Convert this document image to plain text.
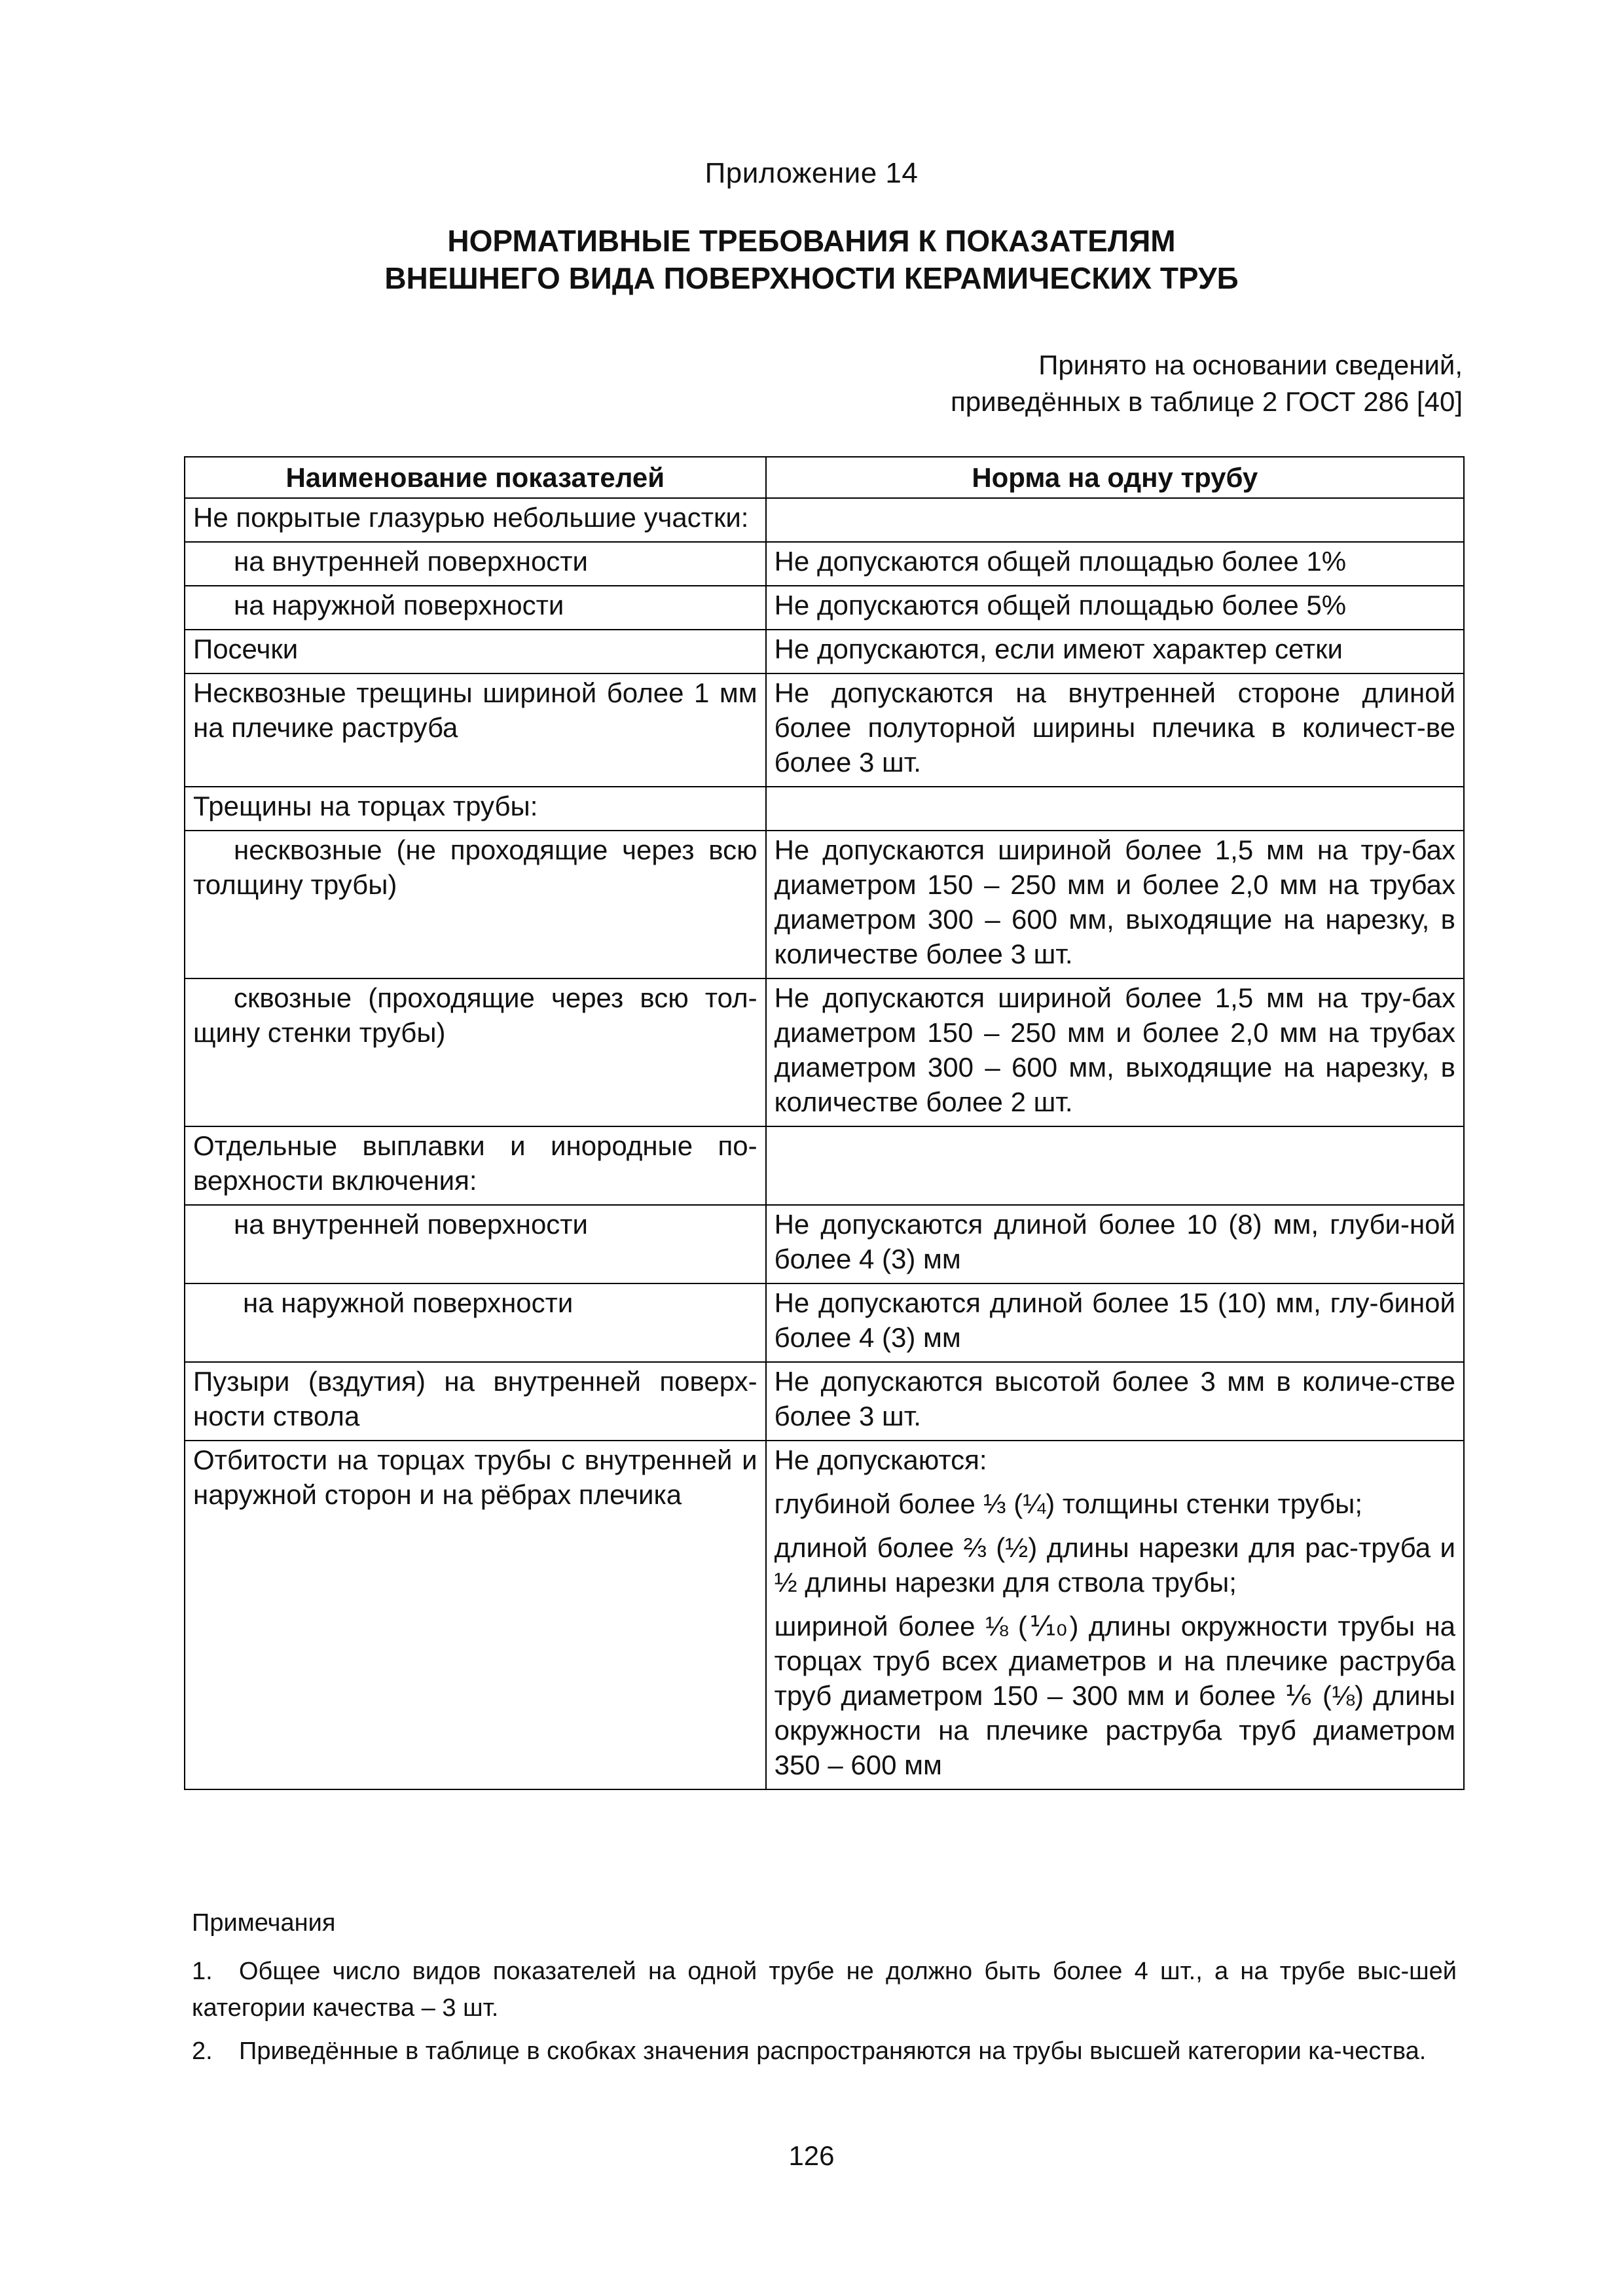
Приложение 14
НОРМАТИВНЫЕ ТРЕБОВАНИЯ К ПОКАЗАТЕЛЯМ
ВНЕШНЕГО ВИДА ПОВЕРХНОСТИ КЕРАМИЧЕСКИХ ТРУБ
Принято на основании сведений,
приведённых в таблице 2 ГОСТ 286 [40]
Наименование показателей	Норма на одну трубу
Не покрытые глазурью небольшие участки:	
на внутренней поверхности	Не допускаются общей площадью более 1%
на наружной поверхности	Не допускаются общей площадью более 5%
Посечки	Не допускаются, если имеют характер сетки
Несквозные трещины шириной более 1 мм на плечике раструба	Не допускаются на внутренней стороне длиной более полуторной ширины плечика в количест-ве более 3 шт.
Трещины на торцах трубы:	
несквозные (не проходящие через всю толщину трубы)	Не допускаются шириной более 1,5 мм на тру-бах диаметром 150 – 250 мм и более 2,0 мм на трубах диаметром 300 – 600 мм, выходящие на нарезку, в количестве более 3 шт.
сквозные (проходящие через всю тол-щину стенки трубы)	Не допускаются шириной более 1,5 мм на тру-бах диаметром 150 – 250 мм и более 2,0 мм на трубах диаметром 300 – 600 мм, выходящие на нарезку, в количестве более 2 шт.
Отдельные выплавки и инородные по-верхности включения:	
на внутренней поверхности	Не допускаются длиной более 10 (8) мм, глуби-ной более 4 (3) мм
на наружной поверхности	Не допускаются длиной более 15 (10) мм, глу-биной более 4 (3) мм
Пузыри (вздутия) на внутренней поверх-ности ствола	Не допускаются высотой более 3 мм в количе-стве более 3 шт.
Отбитости на торцах трубы с внутренней и наружной сторон и на рёбрах плечика	Не допускаются:
глубиной более ⅓ (¼) толщины стенки трубы;
длиной более ⅔ (½) длины нарезки для рас-труба и ½ длины нарезки для ствола трубы;
шириной более ⅛ (⅒) длины окружности трубы на торцах труб всех диаметров и на плечике раструба труб диаметром 150 – 300 мм и более ⅙ (⅛) длины окружности на плечике раструба труб диаметром 350 – 600 мм
Примечания
1. Общее число видов показателей на одной трубе не должно быть более 4 шт., а на трубе выс-шей категории качества – 3 шт.
2. Приведённые в таблице в скобках значения распространяются на трубы высшей категории ка-чества.
126
